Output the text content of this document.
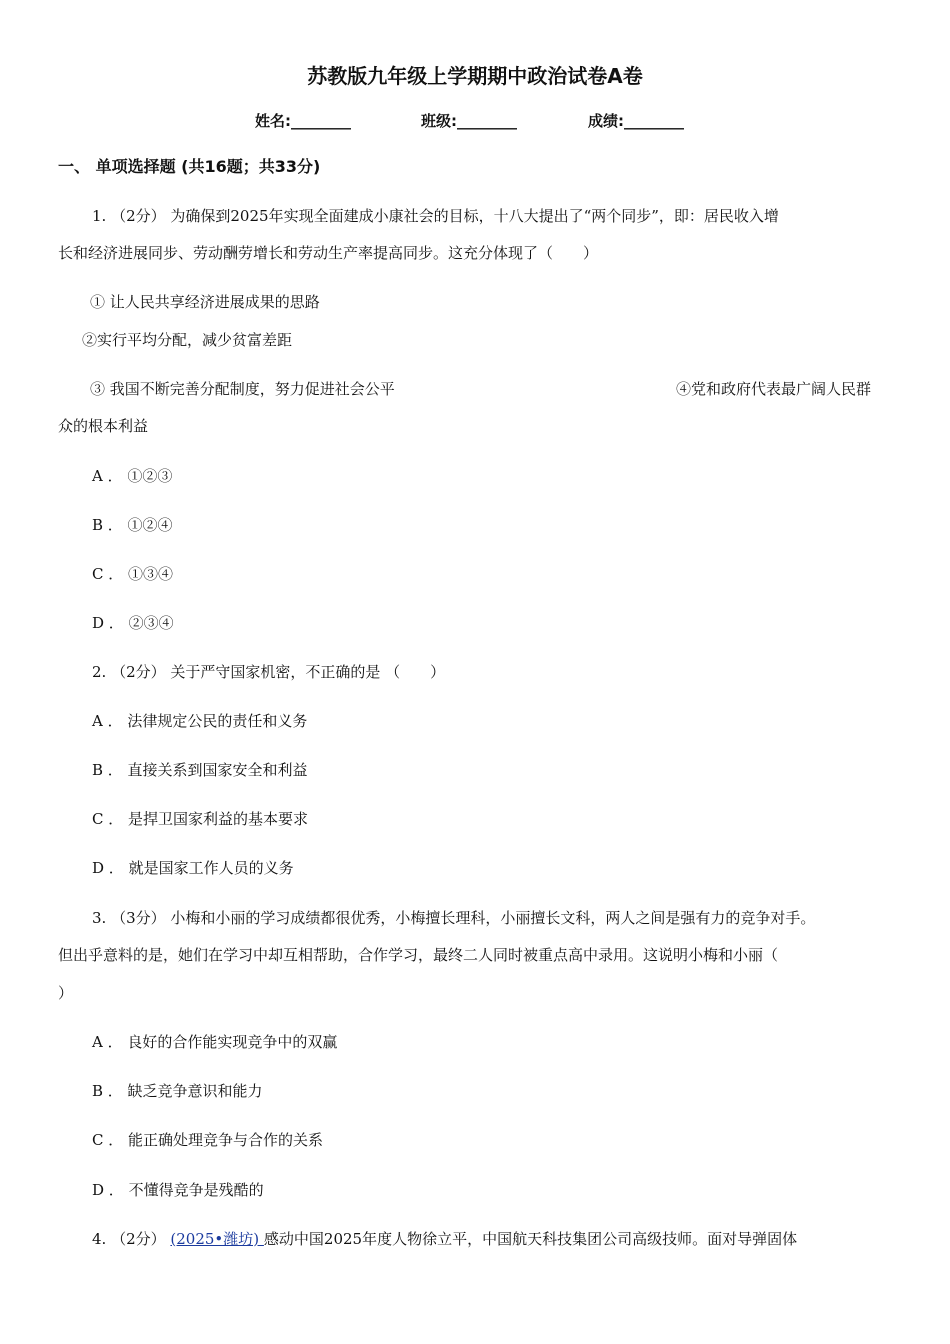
苏教版九年级上学期期中政治试卷A卷
姓名:________	班级:________	成绩:________
一、 单项选择题 (共16题；共33分)
1. （2分） 为确保到2025年实现全面建成小康社会的目标，十八大提出了“两个同步”，即：居民收入增
长和经济进展同步、劳动酬劳增长和劳动生产率提高同步。这充分体现了（　　）
① 让人民共享经济进展成果的思路
②实行平均分配，减少贫富差距
③ 我国不断完善分配制度，努力促进社会公平	④党和政府代表最广阔人民群
众的根本利益
A ． ①②③
B ． ①②④
C ． ①③④
D ． ②③④
2. （2分） 关于严守国家机密，不正确的是 （　　）
A ． 法律规定公民的责任和义务
B ． 直接关系到国家安全和利益
C ． 是捍卫国家利益的基本要求
D ． 就是国家工作人员的义务
3. （3分） 小梅和小丽的学习成绩都很优秀，小梅擅长理科，小丽擅长文科，两人之间是强有力的竞争对手。
但出乎意料的是，她们在学习中却互相帮助，合作学习，最终二人同时被重点高中录用。这说明小梅和小丽（
）
A ． 良好的合作能实现竞争中的双赢
B ． 缺乏竞争意识和能力
C ． 能正确处理竞争与合作的关系
D ． 不懂得竞争是残酷的
4. （2分） (2025•潍坊) 感动中国2025年度人物徐立平，中国航天科技集团公司高级技师。面对导弹固体
